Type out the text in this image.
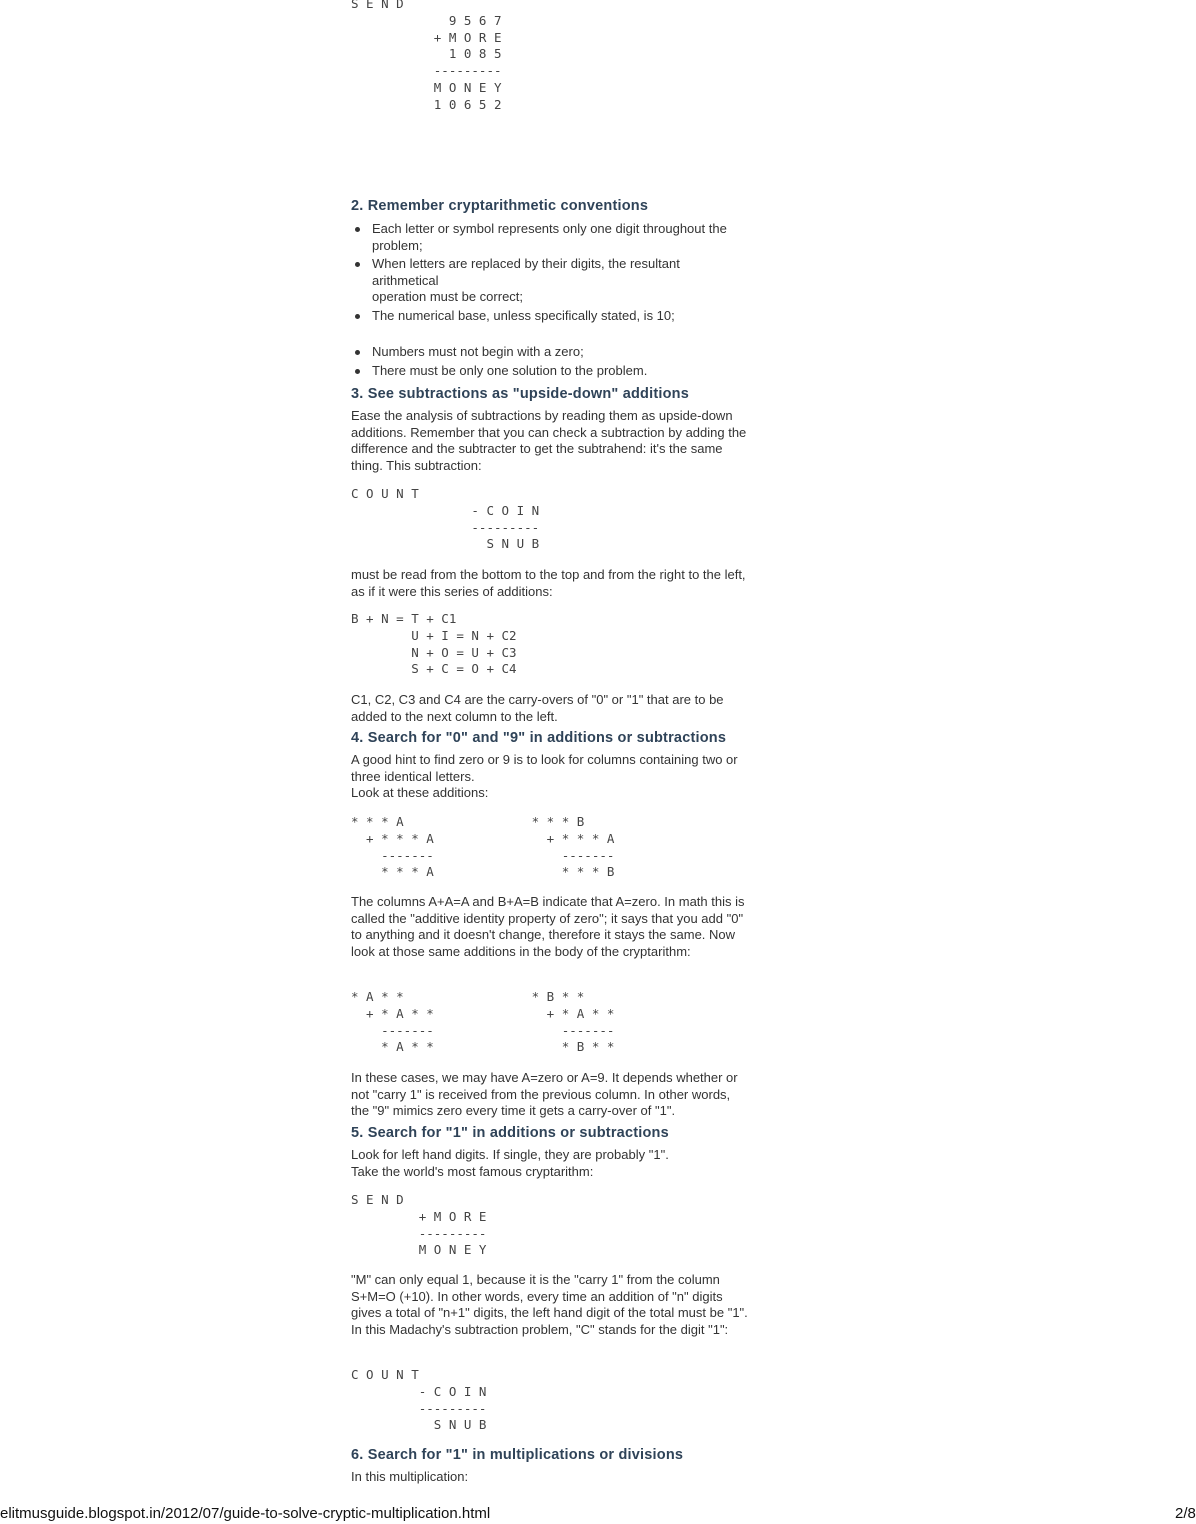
S E N D
9 5 6 7
+ M O R E
1 0 8 5
---------
M O N E Y
1 0 6 5 2
2. Remember cryptarithmetic conventions
Each letter or symbol represents only one digit throughout the problem;
When letters are replaced by their digits, the resultant arithmetical
operation must be correct;
The numerical base, unless specifically stated, is 10;
Numbers must not begin with a zero;
There must be only one solution to the problem.
3. See subtractions as "upside-down" additions

Ease the analysis of subtractions by reading them as upside-down additions. Remember that you can check a subtraction by adding the difference and the subtracter to get the subtrahend: it's the same thing. This subtraction:

C O U N T
- C O I N
---------
S N U B

must be read from the bottom to the top and from the right to the left, as if it were this series of additions:

B + N = T + C1
U + I = N + C2
N + O = U + C3
S + C = O + C4

C1, C2, C3 and C4 are the carry-overs of "0" or "1" that are to be added to the next column to the left.

4. Search for "0" and "9" in additions or subtractions

A good hint to find zero or 9 is to look for columns containing two or three identical letters.
Look at these additions:

* * * A                 * * * B
+ * * * A               + * * * A
-------                 -------
* * * A                 * * * B

The columns A+A=A and B+A=B indicate that A=zero. In math this is called the "additive identity property of zero"; it says that you add "0" to anything and it doesn't change, therefore it stays the same. Now look at those same additions in the body of the cryptarithm:

* A * *                 * B * *
+ * A * *               + * A * *
-------                 -------
* A * *                 * B * *

In these cases, we may have A=zero or A=9. It depends whether or not "carry 1" is received from the previous column. In other words, the "9" mimics zero every time it gets a carry-over of "1".

5. Search for "1" in additions or subtractions

Look for left hand digits. If single, they are probably "1".
Take the world's most famous cryptarithm:

S E N D
+ M O R E
---------
M O N E Y

"M" can only equal 1, because it is the "carry 1" from the column S+M=O (+10). In other words, every time an addition of "n" digits gives a total of "n+1" digits, the left hand digit of the total must be "1". In this Madachy's subtraction problem, "C" stands for the digit "1":

C O U N T
- C O I N
---------
S N U B
6. Search for "1" in multiplications or divisions

In this multiplication:

elitmusguide.blogspot.in/2012/07/guide-to-solve-cryptic-multiplication.html	2/8
